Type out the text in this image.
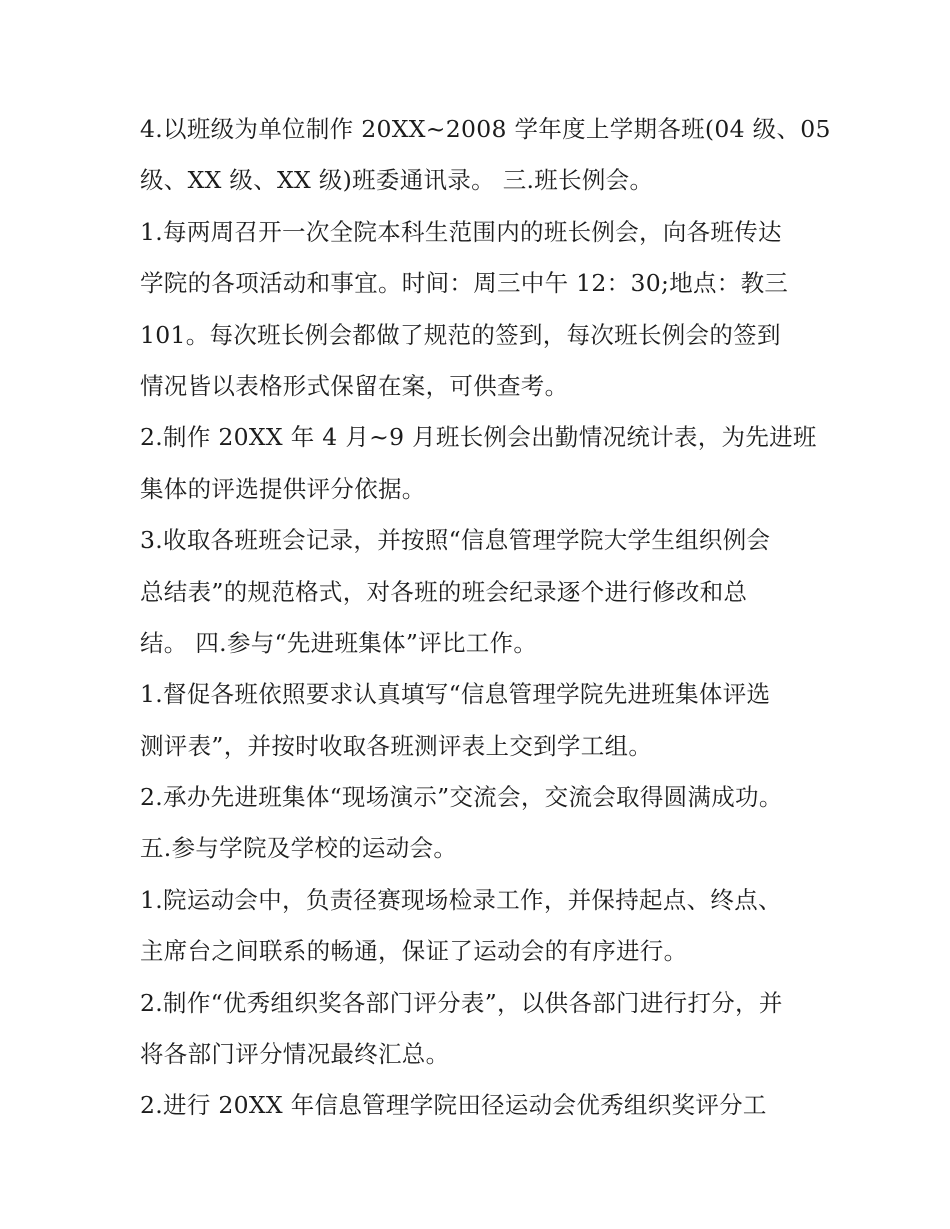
4.以班级为单位制作 20XX~2008 学年度上学期各班(04 级、05
级、XX 级、XX 级)班委通讯录。 三.班长例会。
1.每两周召开一次全院本科生范围内的班长例会，向各班传达
学院的各项活动和事宜。时间：周三中午 12：30;地点：教三
101。每次班长例会都做了规范的签到，每次班长例会的签到
情况皆以表格形式保留在案，可供查考。
2.制作 20XX 年 4 月~9 月班长例会出勤情况统计表，为先进班
集体的评选提供评分依据。
3.收取各班班会记录，并按照“信息管理学院大学生组织例会
总结表”的规范格式，对各班的班会纪录逐个进行修改和总
结。 四.参与“先进班集体”评比工作。
1.督促各班依照要求认真填写“信息管理学院先进班集体评选
测评表”，并按时收取各班测评表上交到学工组。
2.承办先进班集体“现场演示”交流会，交流会取得圆满成功。
五.参与学院及学校的运动会。
1.院运动会中，负责径赛现场检录工作，并保持起点、终点、
主席台之间联系的畅通，保证了运动会的有序进行。
2.制作“优秀组织奖各部门评分表”，以供各部门进行打分，并
将各部门评分情况最终汇总。
2.进行 20XX 年信息管理学院田径运动会优秀组织奖评分工
